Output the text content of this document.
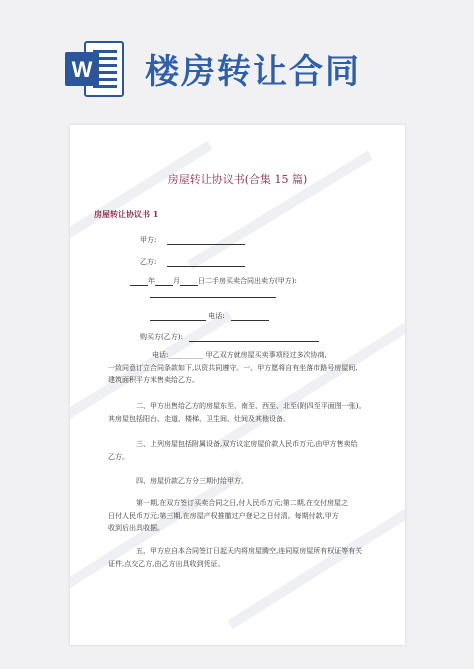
W 楼房转让合同
房屋转让协议书(合集 15 篇)
房屋转让协议书 1
甲方:
乙方:
年	月	日二手房买卖合同出卖方(甲方):
电话:
购买方(乙方):
电话:__________ 甲乙双方就房屋买卖事项经过多次协商,
一致同意订立合同条款如下,以资共同遵守。一、甲方愿将自有坐落市路号房屋间,
建筑面积平方米售卖给乙方。
二、甲方出售给乙方的房屋东至、南至、西至、北至(附四至平面图一张)。
其房屋包括阳台、走道、楼梯、卫生间、灶间及其他设备。
三、上列房屋包括附属设备,双方议定房屋价款人民币万元,由甲方售卖给
乙方。
四、房屋价款乙方分三期付给甲方。
第一期,在双方签订买卖合同之日,付人民币万元;第二期,在交付房屋之
日付人民币万元;第三期,在房屋产权推撤过户登记之日付清。每期付款,甲方
收到后出具收据。
五、甲方应自本合同签订日起天内将房屋腾空,连同原房屋所有权证等有关
证件,点交乙方,由乙方出具收到凭证。
